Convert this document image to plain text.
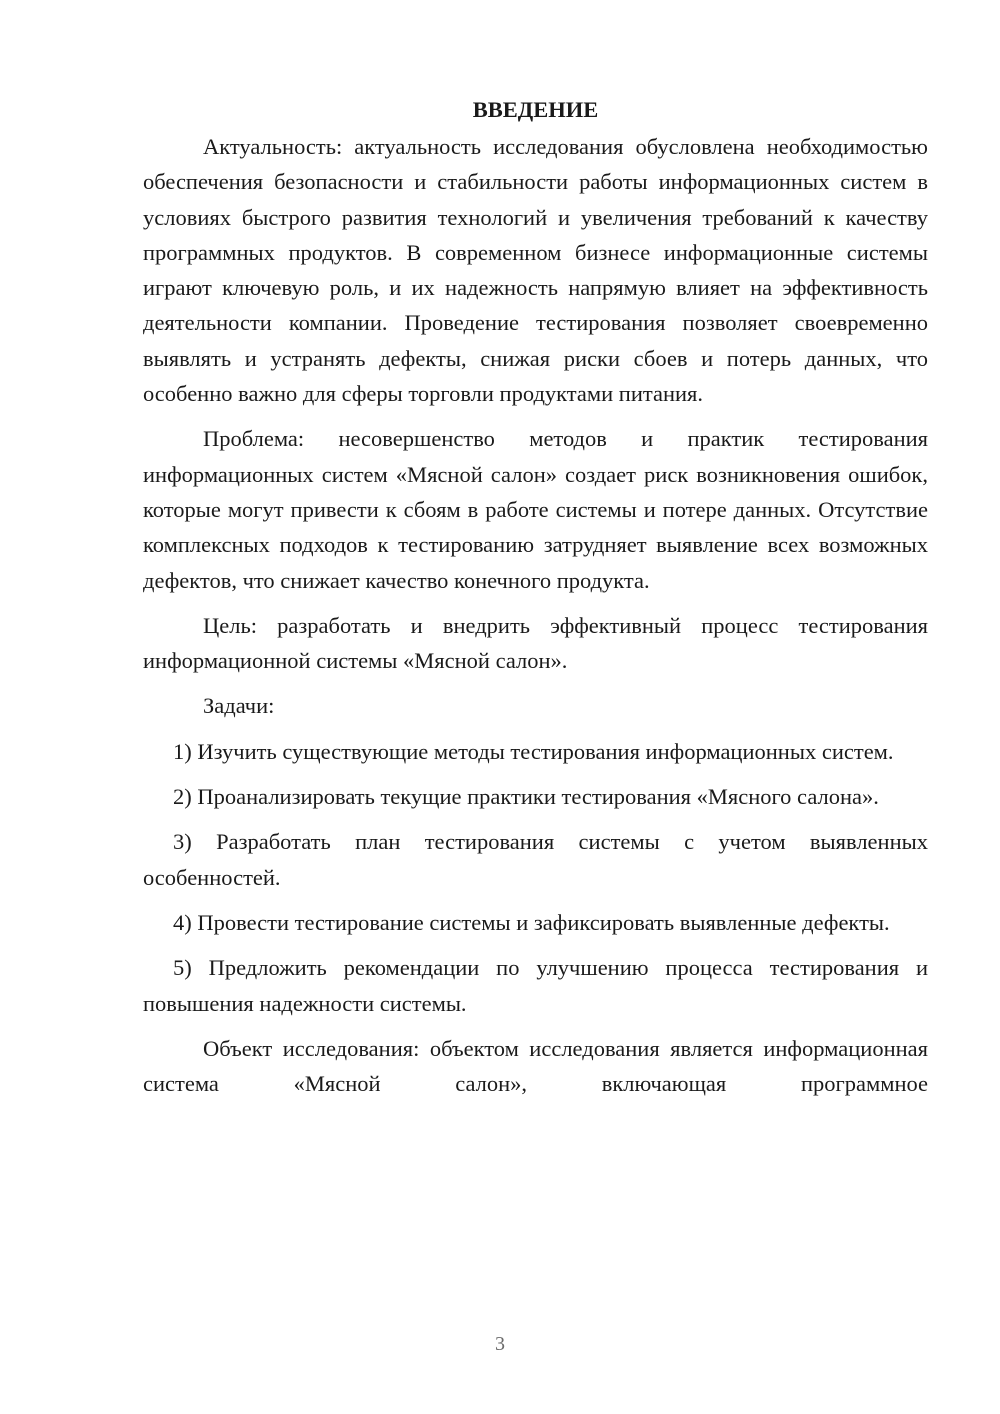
ВВЕДЕНИЕ

Актуальность: актуальность исследования обусловлена необходимостью обеспечения безопасности и стабильности работы информационных систем в условиях быстрого развития технологий и увеличения требований к качеству программных продуктов. В современном бизнесе информационные системы играют ключевую роль, и их надежность напрямую влияет на эффективность деятельности компании. Проведение тестирования позволяет своевременно выявлять и устранять дефекты, снижая риски сбоев и потерь данных, что особенно важно для сферы торговли продуктами питания.

Проблема: несовершенство методов и практик тестирования информационных систем «Мясной салон» создает риск возникновения ошибок, которые могут привести к сбоям в работе системы и потере данных. Отсутствие комплексных подходов к тестированию затрудняет выявление всех возможных дефектов, что снижает качество конечного продукта.

Цель: разработать и внедрить эффективный процесс тестирования информационной системы «Мясной салон».

Задачи:

1) Изучить существующие методы тестирования информационных систем.

2) Проанализировать текущие практики тестирования «Мясного салона».

3) Разработать план тестирования системы с учетом выявленных особенностей.

4) Провести тестирование системы и зафиксировать выявленные дефекты.

5) Предложить рекомендации по улучшению процесса тестирования и повышения надежности системы.

Объект исследования: объектом исследования является информационная система «Мясной салон», включающая программное

3
